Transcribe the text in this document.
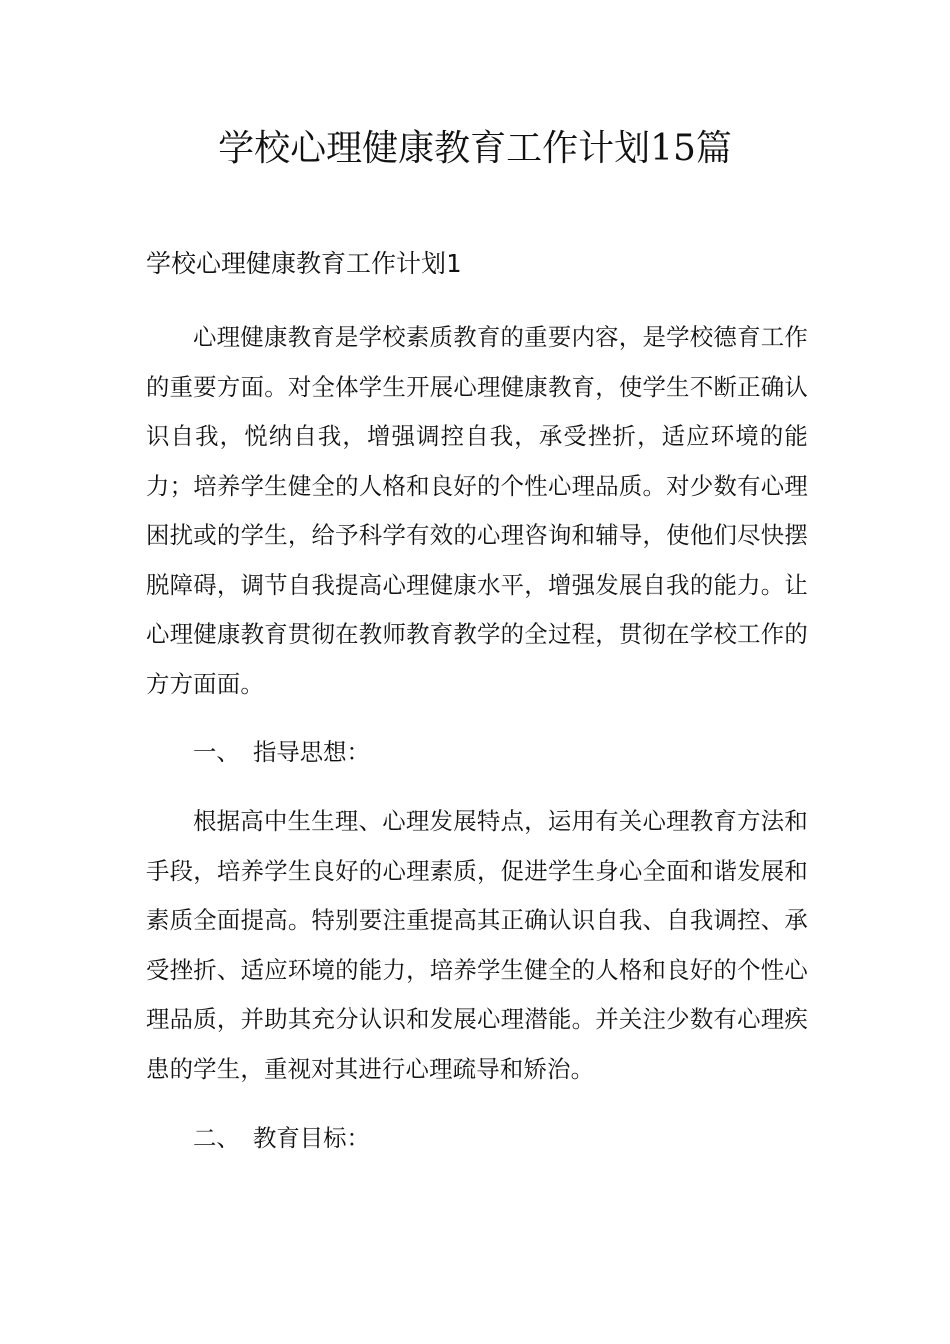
学校心理健康教育工作计划15篇
学校心理健康教育工作计划1

心理健康教育是学校素质教育的重要内容，是学校德育工作的重要方面。对全体学生开展心理健康教育，使学生不断正确认识自我，悦纳自我，增强调控自我，承受挫折，适应环境的能力；培养学生健全的人格和良好的个性心理品质。对少数有心理困扰或的学生，给予科学有效的心理咨询和辅导，使他们尽快摆脱障碍，调节自我提高心理健康水平，增强发展自我的能力。让心理健康教育贯彻在教师教育教学的全过程，贯彻在学校工作的方方面面。

一、 指导思想：

根据高中生生理、心理发展特点，运用有关心理教育方法和手段，培养学生良好的心理素质，促进学生身心全面和谐发展和素质全面提高。特别要注重提高其正确认识自我、自我调控、承受挫折、适应环境的能力，培养学生健全的人格和良好的个性心理品质，并助其充分认识和发展心理潜能。并关注少数有心理疾患的学生，重视对其进行心理疏导和矫治。

二、 教育目标：
